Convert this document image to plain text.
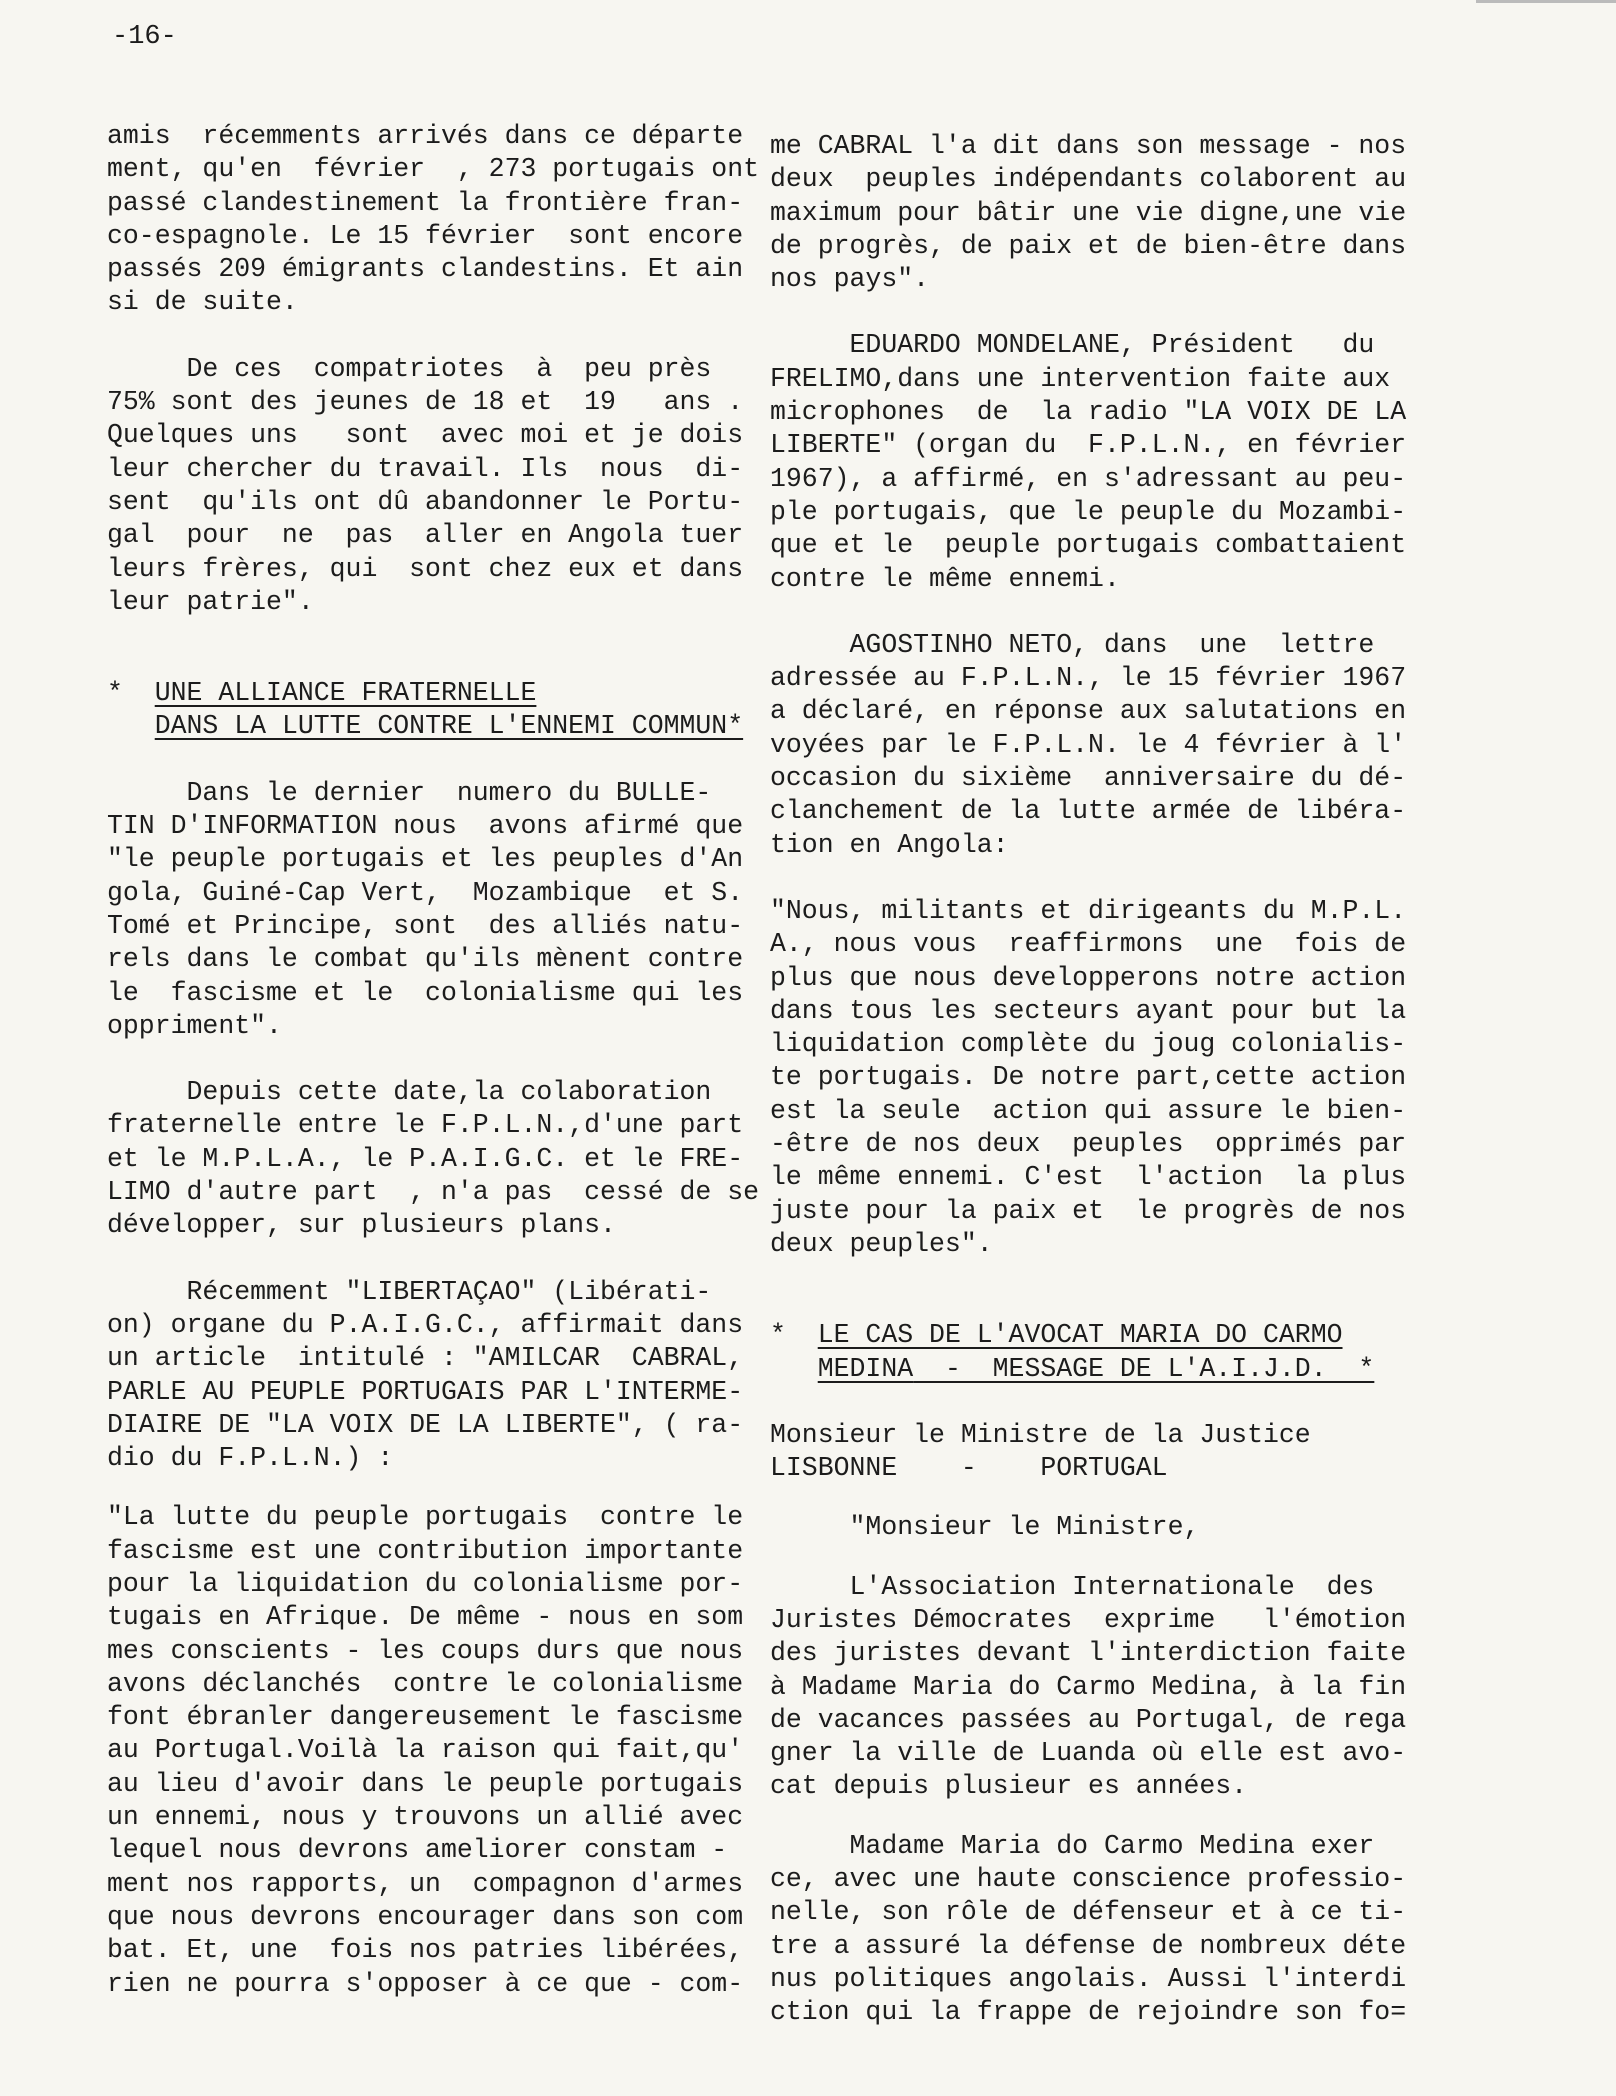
-16-

amis  récemments arrivés dans ce départe
ment, qu'en  février  , 273 portugais ont
passé clandestinement la frontière fran-
co-espagnole. Le 15 février  sont encore
passés 209 émigrants clandestins. Et ain
si de suite.

De ces  compatriotes  à  peu près
75% sont des jeunes de 18 et  19   ans .
Quelques uns   sont  avec moi et je dois
leur chercher du travail. Ils  nous  di-
sent  qu'ils ont dû abandonner le Portu-
gal  pour  ne  pas  aller en Angola tuer
leurs frères, qui  sont chez eux et dans
leur patrie".

*  UNE ALLIANCE FRATERNELLE
DANS LA LUTTE CONTRE L'ENNEMI COMMUN*

Dans le dernier  numero du BULLE-
TIN D'INFORMATION nous  avons afirmé que
"le peuple portugais et les peuples d'An
gola, Guiné-Cap Vert,  Mozambique  et S.
Tomé et Principe, sont  des alliés natu-
rels dans le combat qu'ils mènent contre
le  fascisme et le  colonialisme qui les
oppriment".

Depuis cette date,la colaboration
fraternelle entre le F.P.L.N.,d'une part
et le M.P.L.A., le P.A.I.G.C. et le FRE-
LIMO d'autre part  , n'a pas  cessé de se
développer, sur plusieurs plans.

Récemment "LIBERTAÇAO" (Libérati-
on) organe du P.A.I.G.C., affirmait dans
un article  intitulé : "AMILCAR  CABRAL,
PARLE AU PEUPLE PORTUGAIS PAR L'INTERME-
DIAIRE DE "LA VOIX DE LA LIBERTE", ( ra-
dio du F.P.L.N.) :

"La lutte du peuple portugais  contre le
fascisme est une contribution importante
pour la liquidation du colonialisme por-
tugais en Afrique. De même - nous en som
mes conscients - les coups durs que nous
avons déclanchés  contre le colonialisme
font ébranler dangereusement le fascisme
au Portugal.Voilà la raison qui fait,qu'
au lieu d'avoir dans le peuple portugais
un ennemi, nous y trouvons un allié avec
lequel nous devrons ameliorer constam -
ment nos rapports, un  compagnon d'armes
que nous devrons encourager dans son com
bat. Et, une  fois nos patries libérées,
rien ne pourra s'opposer à ce que - com-

me CABRAL l'a dit dans son message - nos
deux  peuples indépendants colaborent au
maximum pour bâtir une vie digne,une vie
de progrès, de paix et de bien-être dans
nos pays".

EDUARDO MONDELANE, Président   du
FRELIMO,dans une intervention faite aux
microphones  de  la radio "LA VOIX DE LA
LIBERTE" (organ du  F.P.L.N., en février
1967), a affirmé, en s'adressant au peu-
ple portugais, que le peuple du Mozambi-
que et le  peuple portugais combattaient
contre le même ennemi.

AGOSTINHO NETO, dans  une  lettre
adressée au F.P.L.N., le 15 février 1967
a déclaré, en réponse aux salutations en
voyées par le F.P.L.N. le 4 février à l'
occasion du sixième  anniversaire du dé-
clanchement de la lutte armée de libéra-
tion en Angola:

"Nous, militants et dirigeants du M.P.L.
A., nous vous  reaffirmons  une  fois de
plus que nous developperons notre action
dans tous les secteurs ayant pour but la
liquidation complète du joug colonialis-
te portugais. De notre part,cette action
est la seule  action qui assure le bien-
-être de nos deux  peuples  opprimés par
le même ennemi. C'est  l'action  la plus
juste pour la paix et  le progrès de nos
deux peuples".

*  LE CAS DE L'AVOCAT MARIA DO CARMO
MEDINA  -  MESSAGE DE L'A.I.J.D.  *

Monsieur le Ministre de la Justice
LISBONNE    -    PORTUGAL

"Monsieur le Ministre,

L'Association Internationale  des
Juristes Démocrates  exprime   l'émotion
des juristes devant l'interdiction faite
à Madame Maria do Carmo Medina, à la fin
de vacances passées au Portugal, de rega
gner la ville de Luanda où elle est avo-
cat depuis plusieur es années.

Madame Maria do Carmo Medina exer
ce, avec une haute conscience professio-
nelle, son rôle de défenseur et à ce ti-
tre a assuré la défense de nombreux déte
nus politiques angolais. Aussi l'interdi
ction qui la frappe de rejoindre son fo=
